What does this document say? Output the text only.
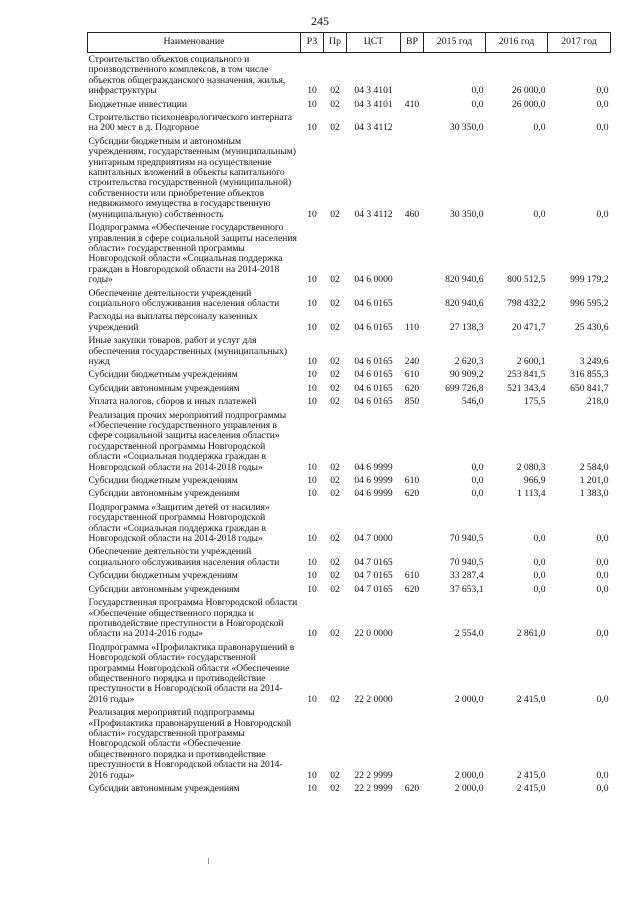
245
Наименование	РЗ	Пр	ЦСТ	ВР	2015 год	2016 год	2017 год
Строительство объектов социального и производственного комплексов, в том числе объектов общегражданского назначения, жилья, инфраструктуры	10	02	04 3 4101		0,0	26 000,0	0,0
Бюджетные инвестиции	10	02	04 3 4101	410	0,0	26 000,0	0,0
Строительство психоневрологического интерната на 200 мест в д. Подгорное	10	02	04 3 4112		30 350,0	0,0	0,0
Субсидии бюджетным и автономным учреждениям, государственным (муниципальным) унитарным предприятиям на осуществление капитальных вложений в объекты капитального строительства государственной (муниципальной) собственности или приобретение объектов недвижимого имущества в государственную (муниципальную) собственность	10	02	04 3 4112	460	30 350,0	0,0	0,0
Подпрограмма «Обеспечение государственного управления в сфере социальной защиты населения области» государственной программы Новгородской области «Социальная поддержка граждан в Новгородской области на 2014-2018 годы»	10	02	04 6 0000		820 940,6	800 512,5	999 179,2
Обеспечение деятельности учреждений социального обслуживания населения области	10	02	04 6 0165		820 940,6	798 432,2	996 595,2
Расходы на выплаты персоналу казенных учреждений	10	02	04 6 0165	110	27 138,3	20 471,7	25 430,6
Иные закупки товаров, работ и услуг для обеспечения государственных (муниципальных) нужд	10	02	04 6 0165	240	2 620,3	2 600,1	3 249,6
Субсидии бюджетным учреждениям	10	02	04 6 0165	610	90 909,2	253 841,5	316 855,3
Субсидии автономным учреждениям	10	02	04 6 0165	620	699 726,8	521 343,4	650 841,7
Уплата налогов, сборов и иных платежей	10	02	04 6 0165	850	546,0	175,5	218,0
Реализация прочих мероприятий подпрограммы «Обеспечение государственного управления в сфере социальной защиты населения области» государственной программы Новгородской области «Социальная поддержка граждан в Новгородской области на 2014-2018 годы»	10	02	04 6 9999		0,0	2 080,3	2 584,0
Субсидии бюджетным учреждениям	10	02	04 6 9999	610	0,0	966,9	1 201,0
Субсидии автономным учреждениям	10	02	04 6 9999	620	0,0	1 113,4	1 383,0
Подпрограмма «Защитим детей от насилия» государственной программы Новгородской области «Социальная поддержка граждан в Новгородской области на 2014-2018 годы»	10	02	04 7 0000		70 940,5	0,0	0,0
Обеспечение деятельности учреждений социального обслуживания населения области	10	02	04 7 0165		70 940,5	0,0	0,0
Субсидии бюджетным учреждениям	10	02	04 7 0165	610	33 287,4	0,0	0,0
Субсидии автономным учреждениям	10	02	04 7 0165	620	37 653,1	0,0	0,0
Государственная программа Новгородской области «Обеспечение общественного порядка и противодействие преступности в Новгородской области на 2014-2016 годы»	10	02	22 0 0000		2 554,0	2 861,0	0,0
Подпрограмма «Профилактика правонарушений в Новгородской области» государственной программы Новгородской области «Обеспечение общественного порядка и противодействие преступности в Новгородской области на 2014-2016 годы»	10	02	22 2 0000		2 000,0	2 415,0	0,0
Реализация мероприятий подпрограммы «Профилактика правонарушений в Новгородской области» государственной программы Новгородской области «Обеспечение общественного порядка и противодействие преступности в Новгородской области на 2014-2016 годы»	10	02	22 2 9999		2 000,0	2 415,0	0,0
Субсидии автономным учреждениям	10	02	22 2 9999	620	2 000,0	2 415,0	0,0
